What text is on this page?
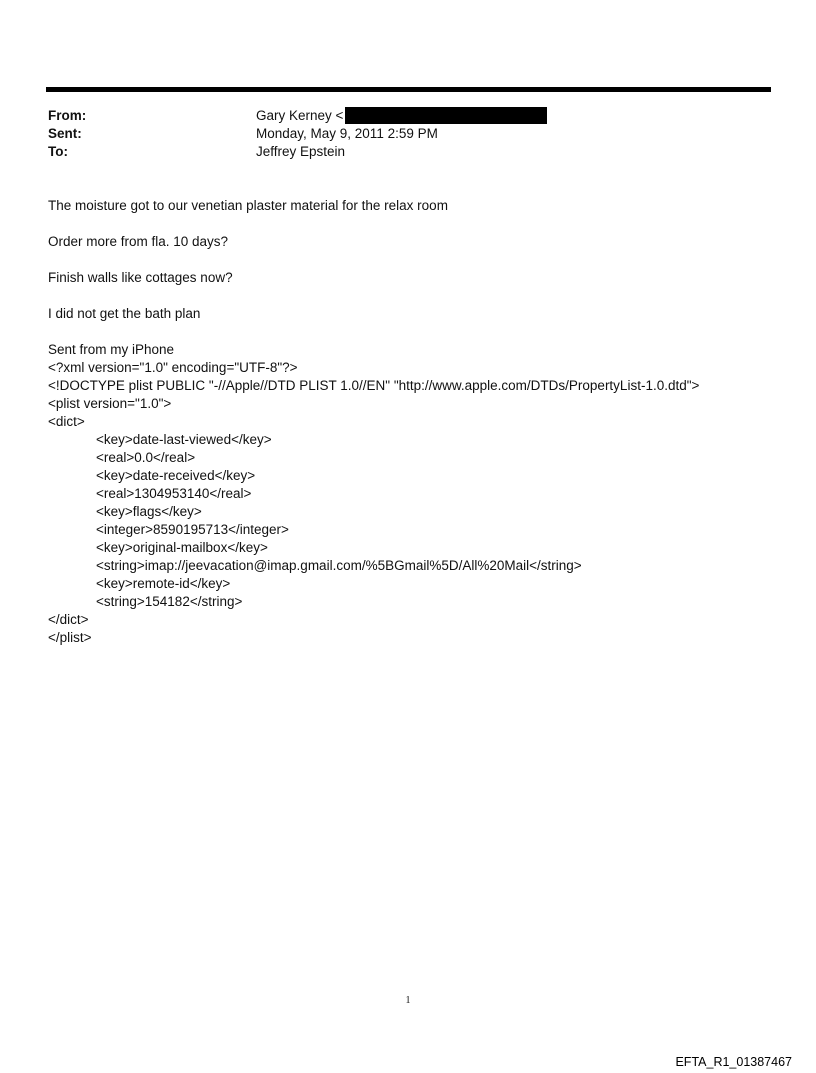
From:	Gary Kerney <
Sent:	Monday, May 9, 2011 2:59 PM
To:	Jeffrey Epstein
The moisture got to our venetian plaster material for the relax room
Order more from fla. 10 days?
Finish walls like cottages now?
I did not get the bath plan
Sent from my iPhone
<?xml version="1.0" encoding="UTF-8"?>
<!DOCTYPE plist PUBLIC "-//Apple//DTD PLIST 1.0//EN" "http://www.apple.com/DTDs/PropertyList-1.0.dtd">
<plist version="1.0">
<dict>
<key>date-last-viewed</key>
<real>0.0</real>
<key>date-received</key>
<real>1304953140</real>
<key>flags</key>
<integer>8590195713</integer>
<key>original-mailbox</key>
<string>imap://jeevacation@imap.gmail.com/%5BGmail%5D/All%20Mail</string>
<key>remote-id</key>
<string>154182</string>
</dict>
</plist>
1
EFTA_R1_01387467
